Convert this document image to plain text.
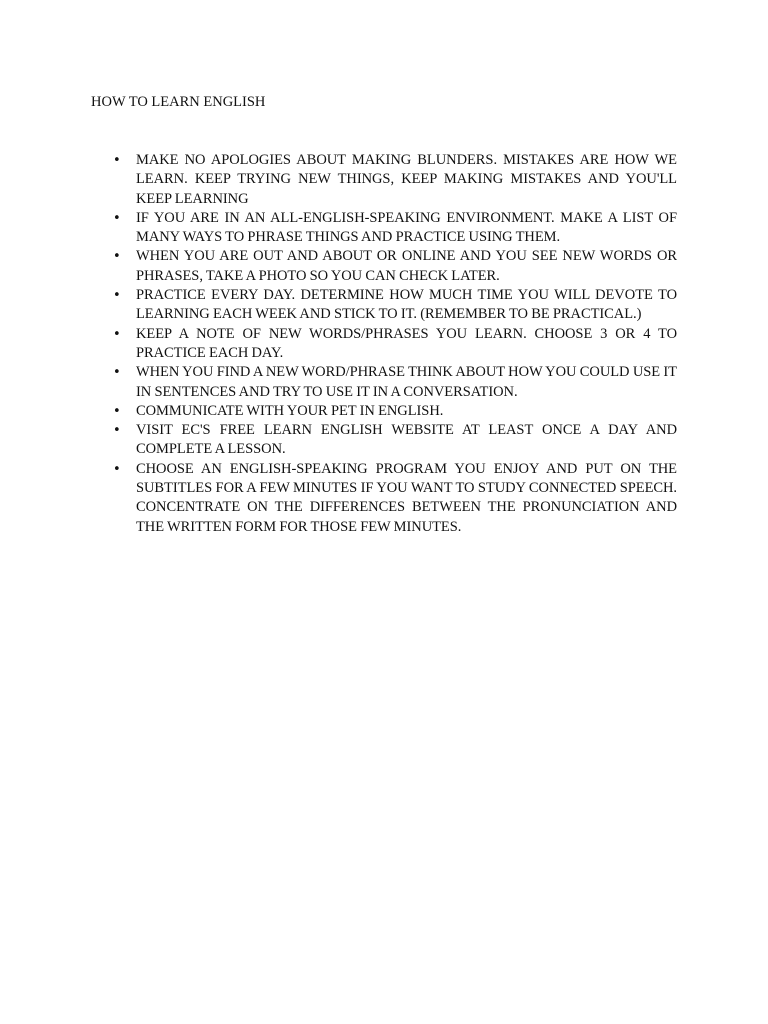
HOW TO LEARN ENGLISH
• MAKE NO APOLOGIES ABOUT MAKING BLUNDERS. MISTAKES ARE HOW WE LEARN. KEEP TRYING NEW THINGS, KEEP MAKING MISTAKES AND YOU'LL KEEP LEARNING
• IF YOU ARE IN AN ALL-ENGLISH-SPEAKING ENVIRONMENT. MAKE A LIST OF MANY WAYS TO PHRASE THINGS AND PRACTICE USING THEM.
• WHEN YOU ARE OUT AND ABOUT OR ONLINE AND YOU SEE NEW WORDS OR PHRASES, TAKE A PHOTO SO YOU CAN CHECK LATER.
• PRACTICE EVERY DAY. DETERMINE HOW MUCH TIME YOU WILL DEVOTE TO LEARNING EACH WEEK AND STICK TO IT. (REMEMBER TO BE PRACTICAL.)
• KEEP A NOTE OF NEW WORDS/PHRASES YOU LEARN. CHOOSE 3 OR 4 TO PRACTICE EACH DAY.
• WHEN YOU FIND A NEW WORD/PHRASE THINK ABOUT HOW YOU COULD USE IT IN SENTENCES AND TRY TO USE IT IN A CONVERSATION.
• COMMUNICATE WITH YOUR PET IN ENGLISH.
• VISIT EC'S FREE LEARN ENGLISH WEBSITE AT LEAST ONCE A DAY AND COMPLETE A LESSON.
• CHOOSE AN ENGLISH-SPEAKING PROGRAM YOU ENJOY AND PUT ON THE SUBTITLES FOR A FEW MINUTES IF YOU WANT TO STUDY CONNECTED SPEECH. CONCENTRATE ON THE DIFFERENCES BETWEEN THE PRONUNCIATION AND THE WRITTEN FORM FOR THOSE FEW MINUTES.
